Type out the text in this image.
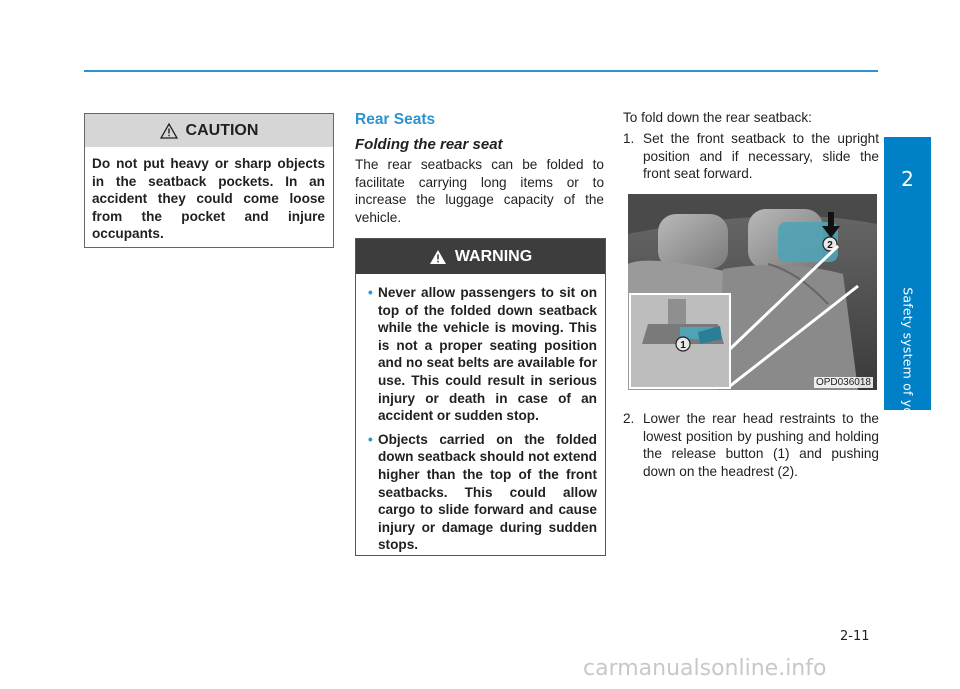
2
Safety system of your vehicle
CAUTION
Do not put heavy or sharp objects in the seatback pockets. In an accident they could come loose from the pocket and injure occupants.
Rear Seats
Folding the rear seat
The rear seatbacks can be folded to facilitate carrying long items or to increase the luggage capacity of the vehicle.
WARNING
• Never allow passengers to sit on top of the folded down seatback while the vehicle is moving. This is not a proper seating position and no seat belts are available for use. This could result in serious injury or death in case of an accident or sudden stop.
• Objects carried on the folded down seatback should not extend higher than the top of the front seatbacks. This could allow cargo to slide forward and cause injury or damage during sudden stops.
To fold down the rear seatback:
1. Set the front seatback to the upright position and if necessary, slide the front seat forward.
2
1
OPD036018
2. Lower the rear head restraints to the lowest position by pushing and holding the release button (1) and pushing down on the headrest (2).
2-11
carmanualsonline.info
